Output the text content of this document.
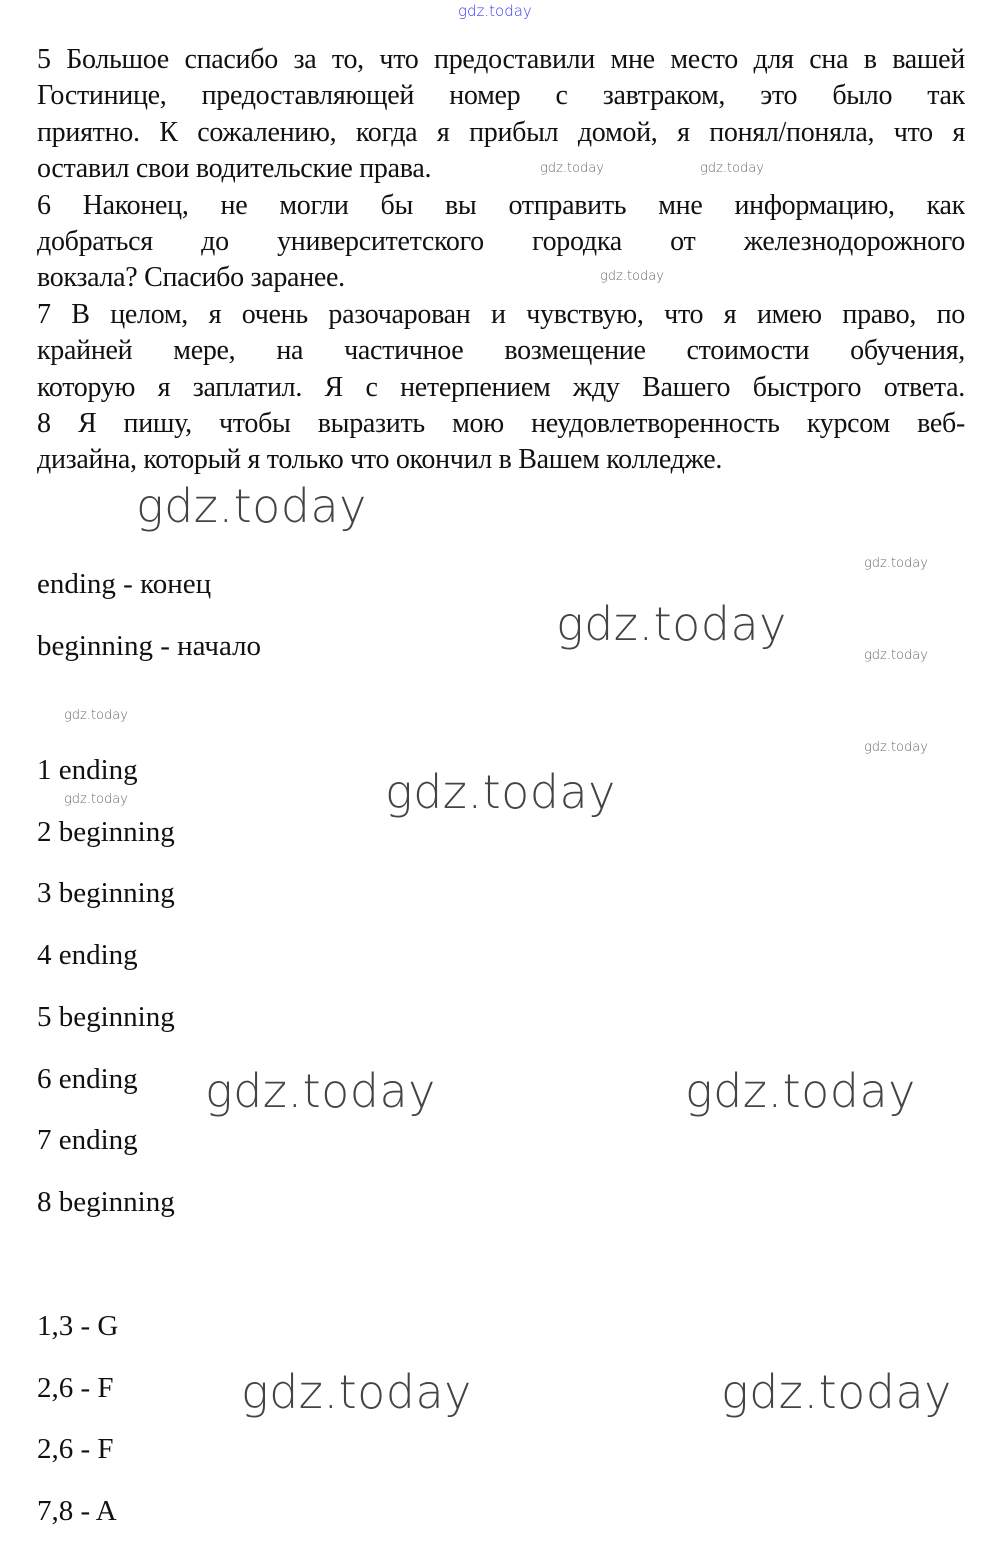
gdz.today
5 Большое спасибо за то, что предоставили мне место для сна в вашей
Гостинице, предоставляющей номер с завтраком, это было так
приятно. К сожалению, когда я прибыл домой, я понял/поняла, что я
оставил свои водительские права.
6 Наконец, не могли бы вы отправить мне информацию, как
добраться до университетского городка от железнодорожного
вокзала? Спасибо заранее.
7 В целом, я очень разочарован и чувствую, что я имею право, по
крайней мере, на частичное возмещение стоимости обучения,
которую я заплатил. Я с нетерпением жду Вашего быстрого ответа.
8 Я пишу, чтобы выразить мою неудовлетворенность курсом веб-
дизайна, который я только что окончил в Вашем колледже.
ending - конец
beginning - начало
1 ending
2 beginning
3 beginning
4 ending
5 beginning
6 ending
7 ending
8 beginning
1,3 - G
2,6 - F
2,6 - F
7,8 - A
gdz.today
gdz.today
gdz.today
gdz.today	gdz.today
gdz.today	gdz.today
gdz.today	gdz.today
gdz.today
gdz.today
gdz.today
gdz.today
gdz.today
gdz.today
